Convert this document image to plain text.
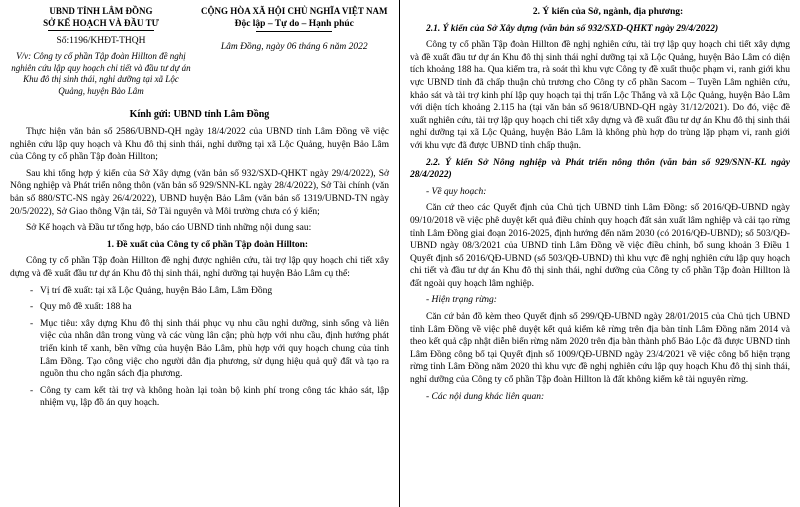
UBND TỈNH LÂM ĐỒNG
SỞ KẾ HOẠCH VÀ ĐẦU TƯ
Số:1196/KHĐT-THQH
V/v: Công ty cổ phần Tập đoàn Hillton đề nghị nghiên cứu lập quy hoạch chi tiết và đầu tư dự án Khu đô thị sinh thái, nghỉ dưỡng tại xã Lộc Quảng, huyện Bảo Lâm
CỘNG HÒA XÃ HỘI CHỦ NGHĨA VIỆT NAM
Độc lập – Tự do – Hạnh phúc
Lâm Đồng, ngày 06 tháng 6 năm 2022
Kính gửi: UBND tỉnh Lâm Đồng

Thực hiện văn bản số 2586/UBND-QH ngày 18/4/2022 của UBND tỉnh Lâm Đồng về việc nghiên cứu lập quy hoạch và Khu đô thị sinh thái, nghỉ dưỡng tại xã Lộc Quảng, huyện Bảo Lâm của Công ty cổ phần Tập đoàn Hillton;

Sau khi tổng hợp ý kiến của Sở Xây dựng (văn bản số 932/SXD-QHKT ngày 29/4/2022), Sở Nông nghiệp và Phát triển nông thôn (văn bản số 929/SNN-KL ngày 28/4/2022), Sở Tài chính (văn bản số 880/STC-NS ngày 26/4/2022), UBND huyện Bảo Lâm (văn bản số 1319/UBND-TN ngày 20/5/2022), Sở Giao thông Vận tải, Sở Tài nguyên và Môi trường chưa có ý kiến;

Sở Kế hoạch và Đầu tư tổng hợp, báo cáo UBND tỉnh những nội dung sau:

1. Đề xuất của Công ty cổ phần Tập đoàn Hillton:

Công ty cổ phần Tập đoàn Hillton đề nghị được nghiên cứu, tài trợ lập quy hoạch chi tiết xây dựng và đề xuất đầu tư dự án Khu đô thị sinh thái, nghỉ dưỡng tại huyện Bảo Lâm cụ thể:

- Vị trí đề xuất: tại xã Lộc Quảng, huyện Bảo Lâm, Lâm Đồng

- Quy mô đề xuất: 188 ha

- Mục tiêu: xây dựng Khu đô thị sinh thái phục vụ nhu cầu nghỉ dưỡng, sinh sống và liên việc của nhân dân trong vùng và các vùng lân cận; phù hợp với nhu cầu, định hướng phát triển kinh tế xanh, bền vững của huyện Bảo Lâm, phù hợp với quy hoạch chung của tỉnh Lâm Đồng. Tạo công việc cho người dân địa phương, sử dụng hiệu quả quỹ đất và tạo ra nguồn thu cho ngân sách địa phương.

- Công ty cam kết tài trợ và không hoàn lại toàn bộ kinh phí trong công tác khảo sát, lập nhiệm vụ, lập đồ án quy hoạch.

2. Ý kiến của Sở, ngành, địa phương:

2.1. Ý kiến của Sở Xây dựng (văn bản số 932/SXD-QHKT ngày 29/4/2022)

Công ty cổ phần Tập đoàn Hillton đề nghị nghiên cứu, tài trợ lập quy hoạch chi tiết xây dựng và đề xuất đầu tư dự án Khu đô thị sinh thái nghỉ dưỡng tại xã Lộc Quảng, huyện Bảo Lâm có diện tích khoảng 188 ha. Qua kiểm tra, rà soát thì khu vực Công ty đề xuất thuộc phạm vi, ranh giới khu vực UBND tỉnh đã chấp thuận chủ trương cho Công ty cổ phần Sacom – Tuyền Lâm nghiên cứu, khảo sát và tài trợ kinh phí lập quy hoạch tại thị trấn Lộc Thắng và xã Lộc Quảng, huyện Bảo Lâm với diện tích khoảng 2.115 ha (tại văn bản số 9618/UBND-QH ngày 31/12/2021). Do đó, việc đề xuất nghiên cứu, tài trợ lập quy hoạch chi tiết xây dựng và đề xuất đầu tư dự án Khu đô thị sinh thái nghỉ dưỡng tại xã Lộc Quảng, huyện Bảo Lâm là không phù hợp do trùng lặp phạm vi, ranh giới với khu vực đã được UBND tỉnh chấp thuận.

2.2. Ý kiến Sở Nông nghiệp và Phát triển nông thôn (văn bản số 929/SNN-KL ngày 28/4/2022)

- Về quy hoạch:

Căn cứ theo các Quyết định của Chủ tịch UBND tỉnh Lâm Đồng: số 2016/QĐ-UBND ngày 09/10/2018 về việc phê duyệt kết quả điều chỉnh quy hoạch đất sản xuất lâm nghiệp và cải tạo rừng tỉnh Lâm Đồng giai đoạn 2016-2025, định hướng đến năm 2030 (có 2016/QĐ-UBND); số 503/QĐ-UBND ngày 08/3/2021 của UBND tỉnh Lâm Đồng về việc điều chỉnh, bổ sung khoản 3 Điều 1 Quyết định số 2016/QĐ-UBND (số 503/QĐ-UBND) thì khu vực đề nghị nghiên cứu lập quy hoạch chi tiết và đầu tư dự án Khu đô thị sinh thái, nghỉ dưỡng của Công ty cổ phần Tập đoàn Hillton là đất ngoài quy hoạch lâm nghiệp.

- Hiện trạng rừng:

Căn cứ bản đồ kèm theo Quyết định số 299/QĐ-UBND ngày 28/01/2015 của Chủ tịch UBND tỉnh Lâm Đồng về việc phê duyệt kết quả kiểm kê rừng trên địa bàn tỉnh Lâm Đồng năm 2014 và theo kết quả cập nhật diễn biến rừng năm 2020 trên địa bàn thành phố Bảo Lộc đã được UBND tỉnh Lâm Đồng công bố tại Quyết định số 1009/QĐ-UBND ngày 23/4/2021 về việc công bố hiện trạng rừng tỉnh Lâm Đồng năm 2020 thì khu vực đề nghị nghiên cứu lập quy hoạch Khu đô thị sinh thái, nghỉ dưỡng của Công ty cổ phần Tập đoàn Hillton là đất không kiểm kê tài nguyên rừng.

- Các nội dung khác liên quan:
